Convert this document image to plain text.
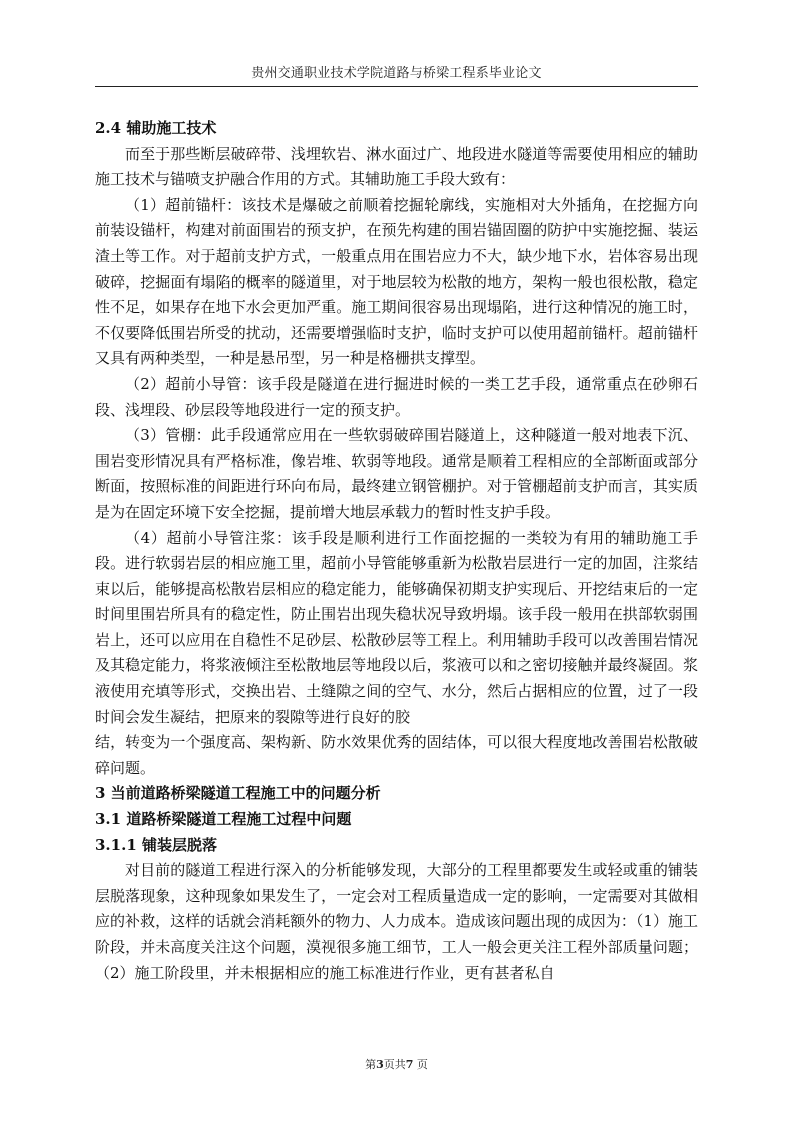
贵州交通职业技术学院道路与桥梁工程系毕业论文

2.4 辅助施工技术

而至于那些断层破碎带、浅埋软岩、淋水面过广、地段进水隧道等需要使用相应的辅助施工技术与锚喷支护融合作用的方式。其辅助施工手段大致有：

（1）超前锚杆：该技术是爆破之前顺着挖掘轮廓线，实施相对大外插角，在挖掘方向前装设锚杆，构建对前面围岩的预支护，在预先构建的围岩锚固圈的防护中实施挖掘、装运渣土等工作。对于超前支护方式，一般重点用在围岩应力不大，缺少地下水，岩体容易出现破碎，挖掘面有塌陷的概率的隧道里，对于地层较为松散的地方，架构一般也很松散，稳定性不足，如果存在地下水会更加严重。施工期间很容易出现塌陷，进行这种情况的施工时，不仅要降低围岩所受的扰动，还需要增强临时支护，临时支护可以使用超前锚杆。超前锚杆又具有两种类型，一种是悬吊型，另一种是格栅拱支撑型。

（2）超前小导管：该手段是隧道在进行掘进时候的一类工艺手段，通常重点在砂卵石段、浅埋段、砂层段等地段进行一定的预支护。

（3）管棚：此手段通常应用在一些软弱破碎围岩隧道上，这种隧道一般对地表下沉、围岩变形情况具有严格标准，像岩堆、软弱等地段。通常是顺着工程相应的全部断面或部分断面，按照标准的间距进行环向布局，最终建立钢管棚护。对于管棚超前支护而言，其实质是为在固定环境下安全挖掘，提前增大地层承载力的暂时性支护手段。

（4）超前小导管注浆：该手段是顺利进行工作面挖掘的一类较为有用的辅助施工手段。进行软弱岩层的相应施工里，超前小导管能够重新为松散岩层进行一定的加固，注浆结束以后，能够提高松散岩层相应的稳定能力，能够确保初期支护实现后、开挖结束后的一定时间里围岩所具有的稳定性，防止围岩出现失稳状况导致坍塌。该手段一般用在拱部软弱围岩上，还可以应用在自稳性不足砂层、松散砂层等工程上。利用辅助手段可以改善围岩情况及其稳定能力，将浆液倾注至松散地层等地段以后，浆液可以和之密切接触并最终凝固。浆液使用充填等形式，交换出岩、土缝隙之间的空气、水分，然后占据相应的位置，过了一段时间会发生凝结，把原来的裂隙等进行良好的胶

结，转变为一个强度高、架构新、防水效果优秀的固结体，可以很大程度地改善围岩松散破碎问题。

3 当前道路桥梁隧道工程施工中的问题分析

3.1 道路桥梁隧道工程施工过程中问题

3.1.1 铺装层脱落

对目前的隧道工程进行深入的分析能够发现，大部分的工程里都要发生或轻或重的铺装层脱落现象，这种现象如果发生了，一定会对工程质量造成一定的影响，一定需要对其做相应的补救，这样的话就会消耗额外的物力、人力成本。造成该问题出现的成因为：（1）施工阶段，并未高度关注这个问题，漠视很多施工细节，工人一般会更关注工程外部质量问题；（2）施工阶段里，并未根据相应的施工标准进行作业，更有甚者私自

第3页共7 页
